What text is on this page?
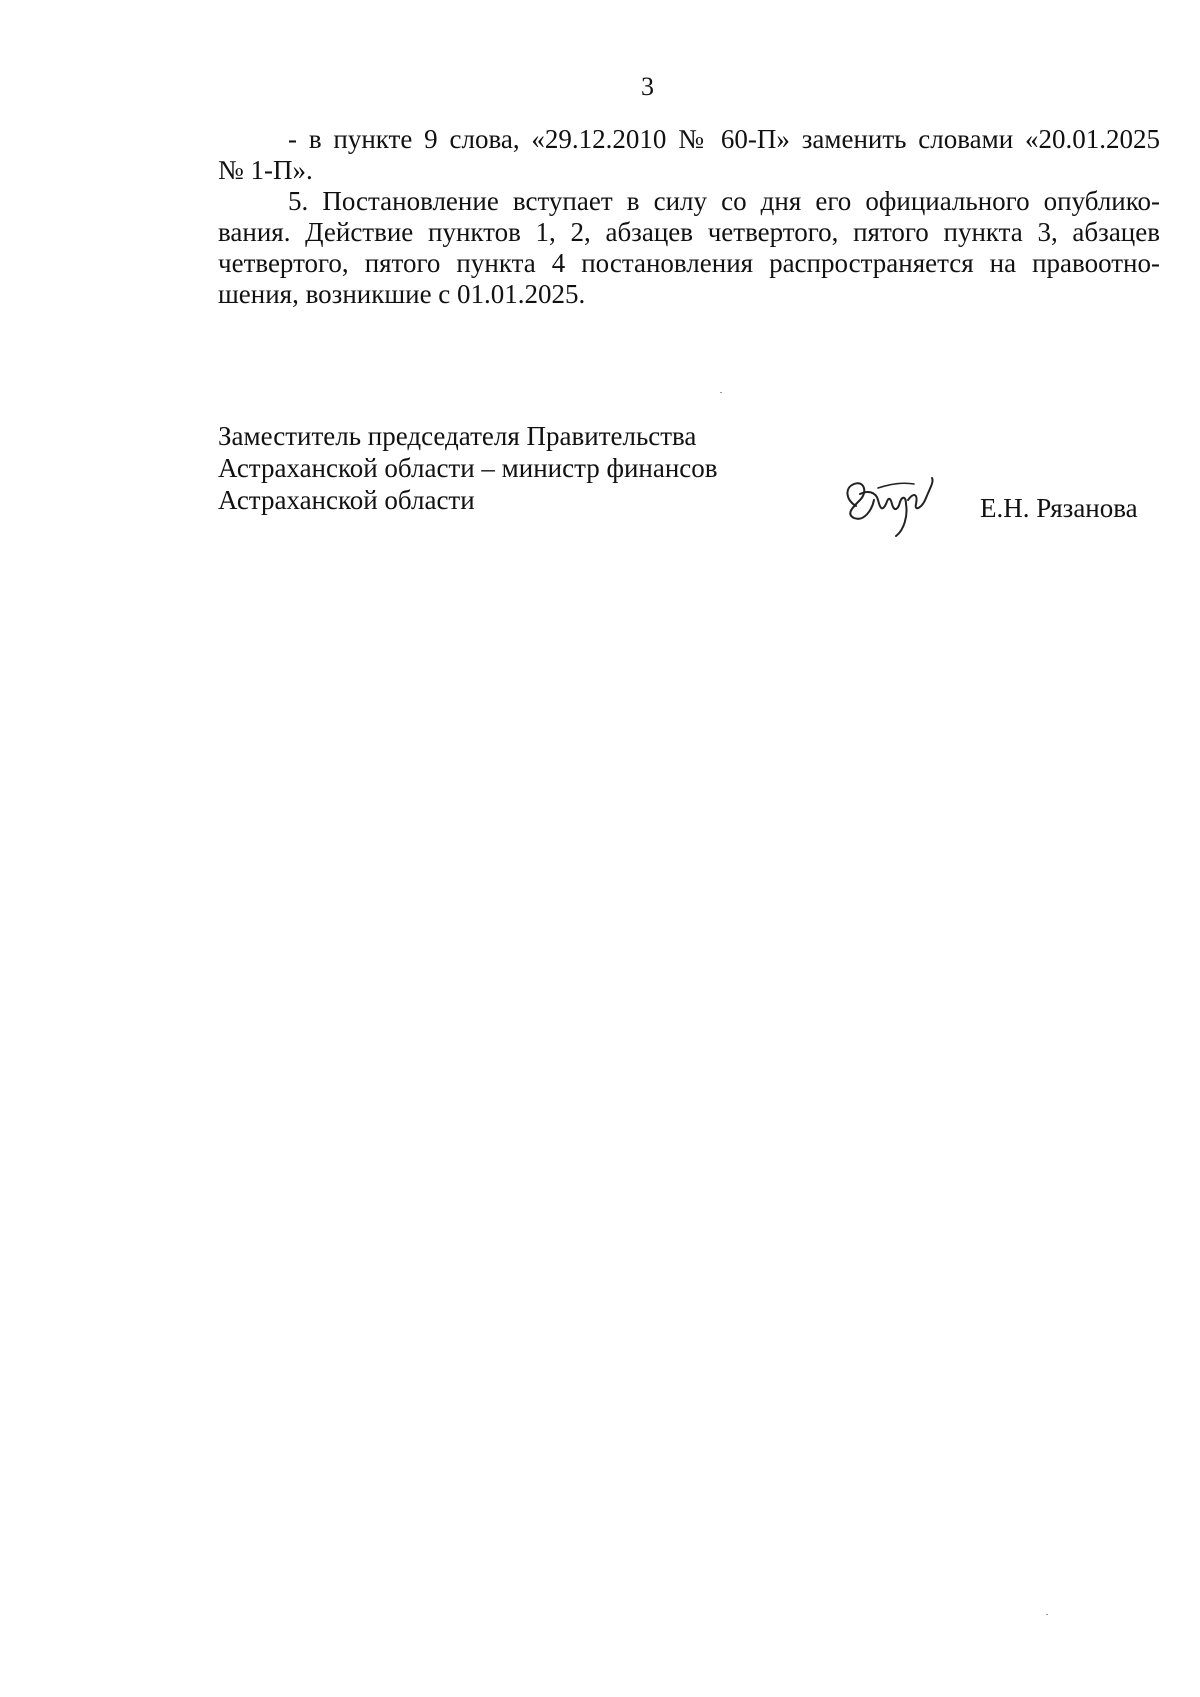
3
- в пункте 9 слова, «29.12.2010 № 60-П» заменить словами «20.01.2025
№ 1-П».
5. Постановление вступает в силу со дня его официального опублико-
вания. Действие пунктов 1, 2, абзацев четвертого, пятого пункта 3, абзацев
четвертого, пятого пункта 4 постановления распространяется на правоотно-
шения, возникшие с 01.01.2025.
Заместитель председателя Правительства
Астраханской области – министр финансов
Астраханской области	Е.Н. Рязанова
